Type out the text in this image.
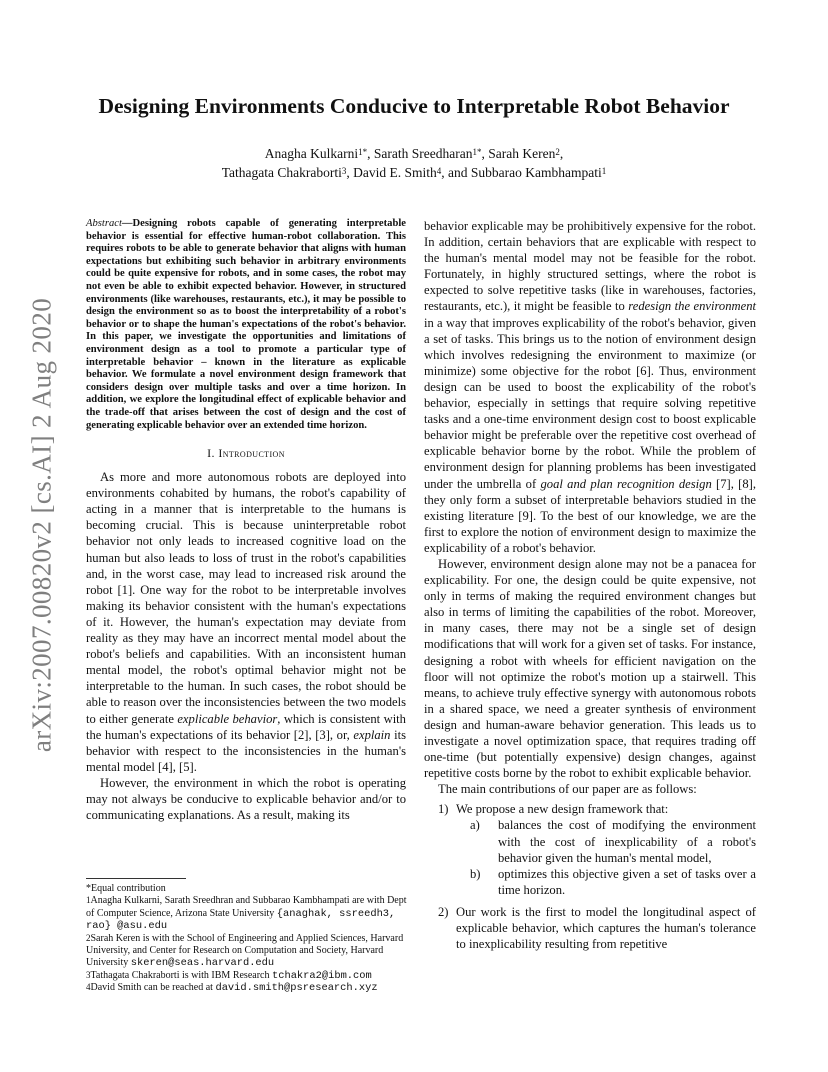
arXiv:2007.00820v2 [cs.AI] 2 Aug 2020
Designing Environments Conducive to Interpretable Robot Behavior
Anagha Kulkarni$^{1*}$, Sarath Sreedharan$^{1*}$, Sarah Keren$^2$,
Tathagata Chakraborti$^3$, David E. Smith$^4$, and Subbarao Kambhampati$^1$

Abstract—Designing robots capable of generating interpretable behavior is essential for effective human-robot collaboration. This requires robots to be able to generate behavior that aligns with human expectations but exhibiting such behavior in arbitrary environments could be quite expensive for robots, and in some cases, the robot may not even be able to exhibit expected behavior. However, in structured environments (like warehouses, restaurants, etc.), it may be possible to design the environment so as to boost the interpretability of a robot's behavior or to shape the human's expectations of the robot's behavior. In this paper, we investigate the opportunities and limitations of environment design as a tool to promote a particular type of interpretable behavior – known in the literature as explicable behavior. We formulate a novel environment design framework that considers design over multiple tasks and over a time horizon. In addition, we explore the longitudinal effect of explicable behavior and the trade-off that arises between the cost of design and the cost of generating explicable behavior over an extended time horizon.

I. Introduction

As more and more autonomous robots are deployed into environments cohabited by humans, the robot's capability of acting in a manner that is interpretable to the humans is becoming crucial. This is because uninterpretable robot behavior not only leads to increased cognitive load on the human but also leads to loss of trust in the robot's capabilities and, in the worst case, may lead to increased risk around the robot [1]. One way for the robot to be interpretable involves making its behavior consistent with the human's expectations of it. However, the human's expectation may deviate from reality as they may have an incorrect mental model about the robot's beliefs and capabilities. With an inconsistent human mental model, the robot's optimal behavior might not be interpretable to the human. In such cases, the robot should be able to reason over the inconsistencies between the two models to either generate explicable behavior, which is consistent with the human's expectations of its behavior [2], [3], or, explain its behavior with respect to the inconsistencies in the human's mental model [4], [5].

However, the environment in which the robot is operating may not always be conducive to explicable behavior and/or to communicating explanations. As a result, making its

*Equal contribution
$^1$Anagha Kulkarni, Sarath Sreedhran and Subbarao Kambhampati are with Dept of Computer Science, Arizona State University {anaghak, ssreedh3, rao} @asu.edu
$^2$Sarah Keren is with the School of Engineering and Applied Sciences, Harvard University, and Center for Research on Computation and Society, Harvard University skeren@seas.harvard.edu
$^3$Tathagata Chakraborti is with IBM Research tchakra2@ibm.com
$^4$David Smith can be reached at david.smith@psresearch.xyz

behavior explicable may be prohibitively expensive for the robot. In addition, certain behaviors that are explicable with respect to the human's mental model may not be feasible for the robot. Fortunately, in highly structured settings, where the robot is expected to solve repetitive tasks (like in warehouses, factories, restaurants, etc.), it might be feasible to redesign the environment in a way that improves explicability of the robot's behavior, given a set of tasks. This brings us to the notion of environment design which involves redesigning the environment to maximize (or minimize) some objective for the robot [6]. Thus, environment design can be used to boost the explicability of the robot's behavior, especially in settings that require solving repetitive tasks and a one-time environment design cost to boost explicable behavior might be preferable over the repetitive cost overhead of explicable behavior borne by the robot. While the problem of environment design for planning problems has been investigated under the umbrella of goal and plan recognition design [7], [8], they only form a subset of interpretable behaviors studied in the existing literature [9]. To the best of our knowledge, we are the first to explore the notion of environment design to maximize the explicability of a robot's behavior.

However, environment design alone may not be a panacea for explicability. For one, the design could be quite expensive, not only in terms of making the required environment changes but also in terms of limiting the capabilities of the robot. Moreover, in many cases, there may not be a single set of design modifications that will work for a given set of tasks. For instance, designing a robot with wheels for efficient navigation on the floor will not optimize the robot's motion up a stairwell. This means, to achieve truly effective synergy with autonomous robots in a shared space, we need a greater synthesis of environment design and human-aware behavior generation. This leads us to investigate a novel optimization space, that requires trading off one-time (but potentially expensive) design changes, against repetitive costs borne by the robot to exhibit explicable behavior.

The main contributions of our paper are as follows:

1) We propose a new design framework that:
a) balances the cost of modifying the environment with the cost of inexplicability of a robot's behavior given the human's mental model,
b) optimizes this objective given a set of tasks over a time horizon.
2) Our work is the first to model the longitudinal aspect of explicable behavior, which captures the human's tolerance to inexplicability resulting from repetitive
